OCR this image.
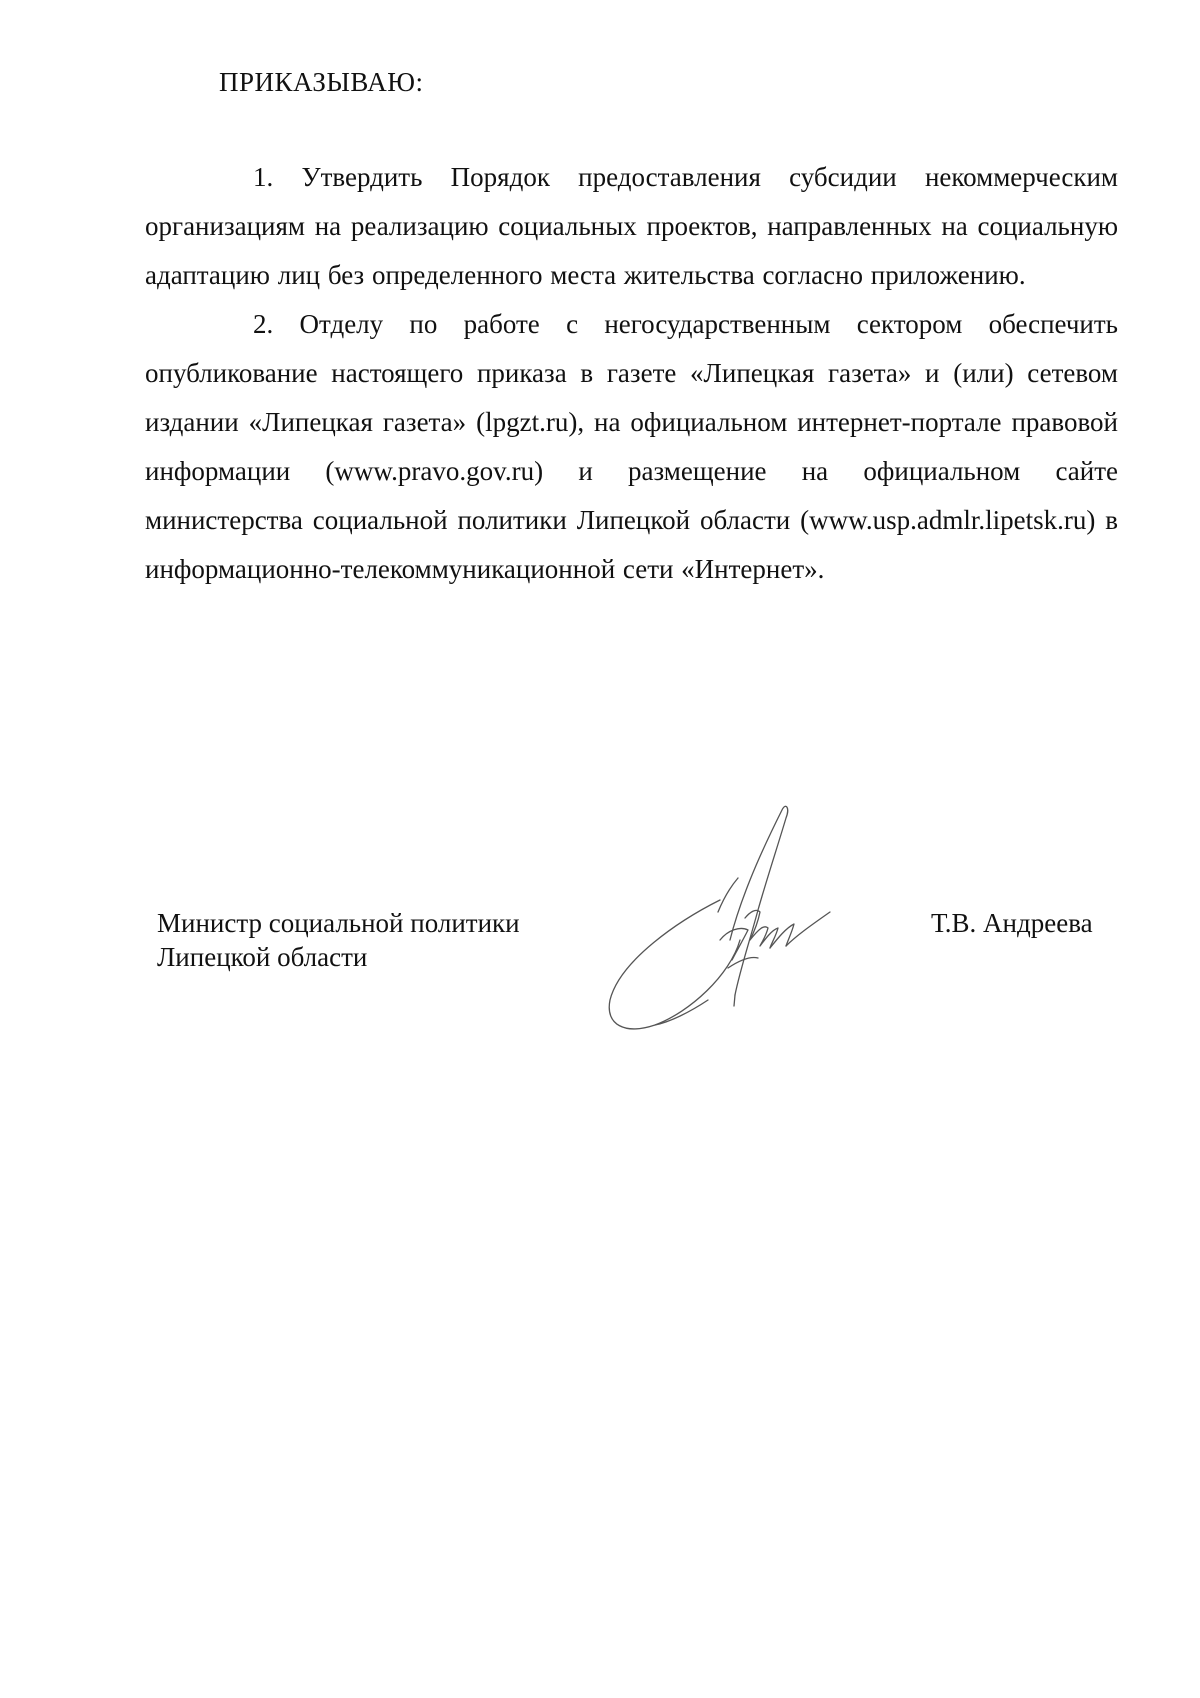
ПРИКАЗЫВАЮ:

1. Утвердить Порядок предоставления субсидии некоммерческим организациям на реализацию социальных проектов, направленных на социальную адаптацию лиц без определенного места жительства согласно приложению.

2. Отделу по работе с негосударственным сектором обеспечить опубликование настоящего приказа в газете «Липецкая газета» и (или) сетевом издании «Липецкая газета» (lpgzt.ru), на официальном интернет-портале правовой информации (www.pravo.gov.ru) и размещение на официальном сайте министерства социальной политики Липецкой области (www.usp.admlr.lipetsk.ru) в информационно-телекоммуникационной сети «Интернет».

Министр социальной политики
Липецкой области

Т.В. Андреева
